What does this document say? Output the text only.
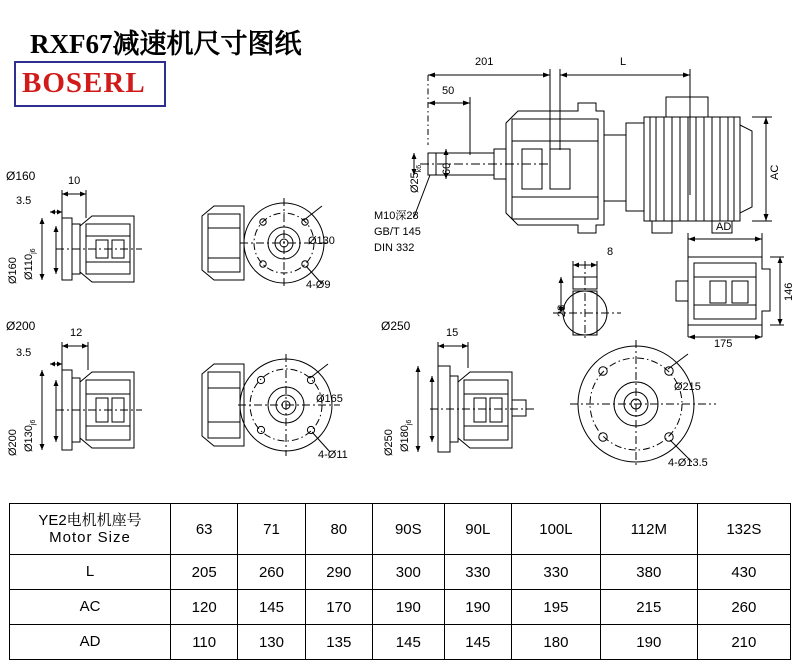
RXF67减速机尺寸图纸
BOSERL
201	L
50
$Ø25_{k6}$ 60	AC
M10深28
GB/T 145
DIN 332	8
28
AD
146
175
Ø160	10
3.5
Ø160 $Ø110_{j6}$
Ø130
4-Ø9
Ø200	12
3.5
Ø200 $Ø130_{j6}$
Ø165
4-Ø11
Ø250	15
Ø250 $Ø180_{j6}$
Ø215
4-Ø13.5
YE2电机机座号
Motor Size	63	71	80	90S	90L	100L	112M	132S
L	205	260	290	300	330	330	380	430
AC	120	145	170	190	190	195	215	260
AD	110	130	135	145	145	180	190	210
